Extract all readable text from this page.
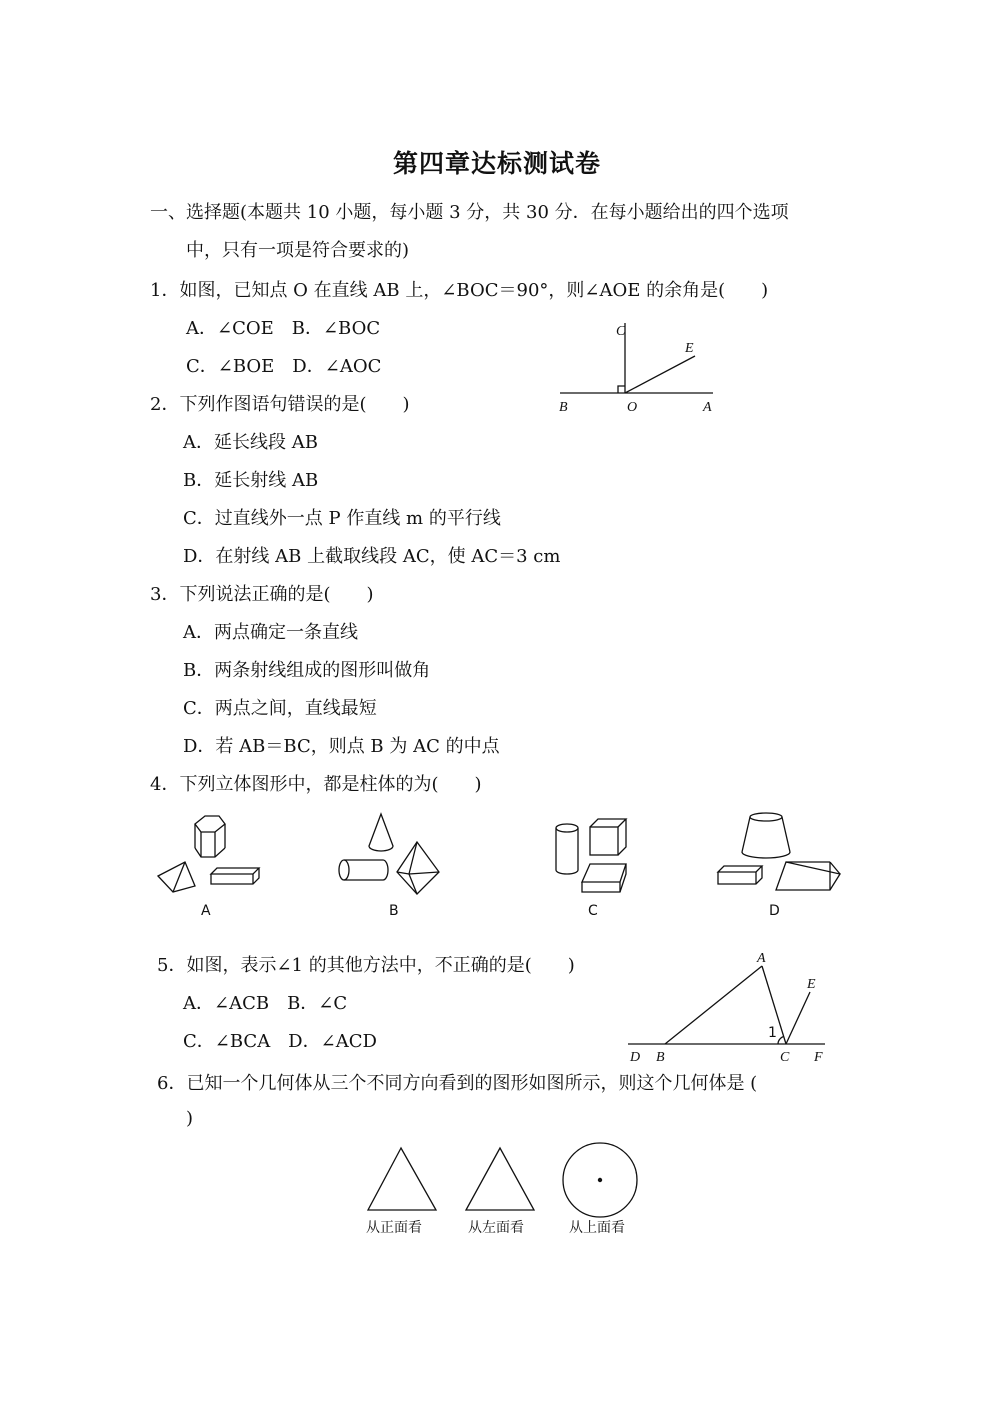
第四章达标测试卷
一、选择题(本题共 10 小题，每小题 3 分，共 30 分．在每小题给出的四个选项
中，只有一项是符合要求的)
1．如图，已知点 O 在直线 AB 上，∠BOC＝90°，则∠AOE 的余角是(　　)
A．∠COE　B．∠BOC
C．∠BOE　D．∠AOC
C
E
B	O	A
2．下列作图语句错误的是(　　)
A．延长线段 AB
B．延长射线 AB
C．过直线外一点 P 作直线 m 的平行线
D．在射线 AB 上截取线段 AC，使 AC＝3 cm
3．下列说法正确的是(　　)
A．两点确定一条直线
B．两条射线组成的图形叫做角
C．两点之间，直线最短
D．若 AB＝BC，则点 B 为 AC 的中点
4．下列立体图形中，都是柱体的为(　　)
A	B	C	D
5．如图，表示∠1 的其他方法中，不正确的是(　　)
A．∠ACB　B．∠C
C．∠BCA　D．∠ACD
A
E
1
D B	C F
6．已知一个几何体从三个不同方向看到的图形如图所示，则这个几何体是 (
)
从正面看	从左面看	从上面看
